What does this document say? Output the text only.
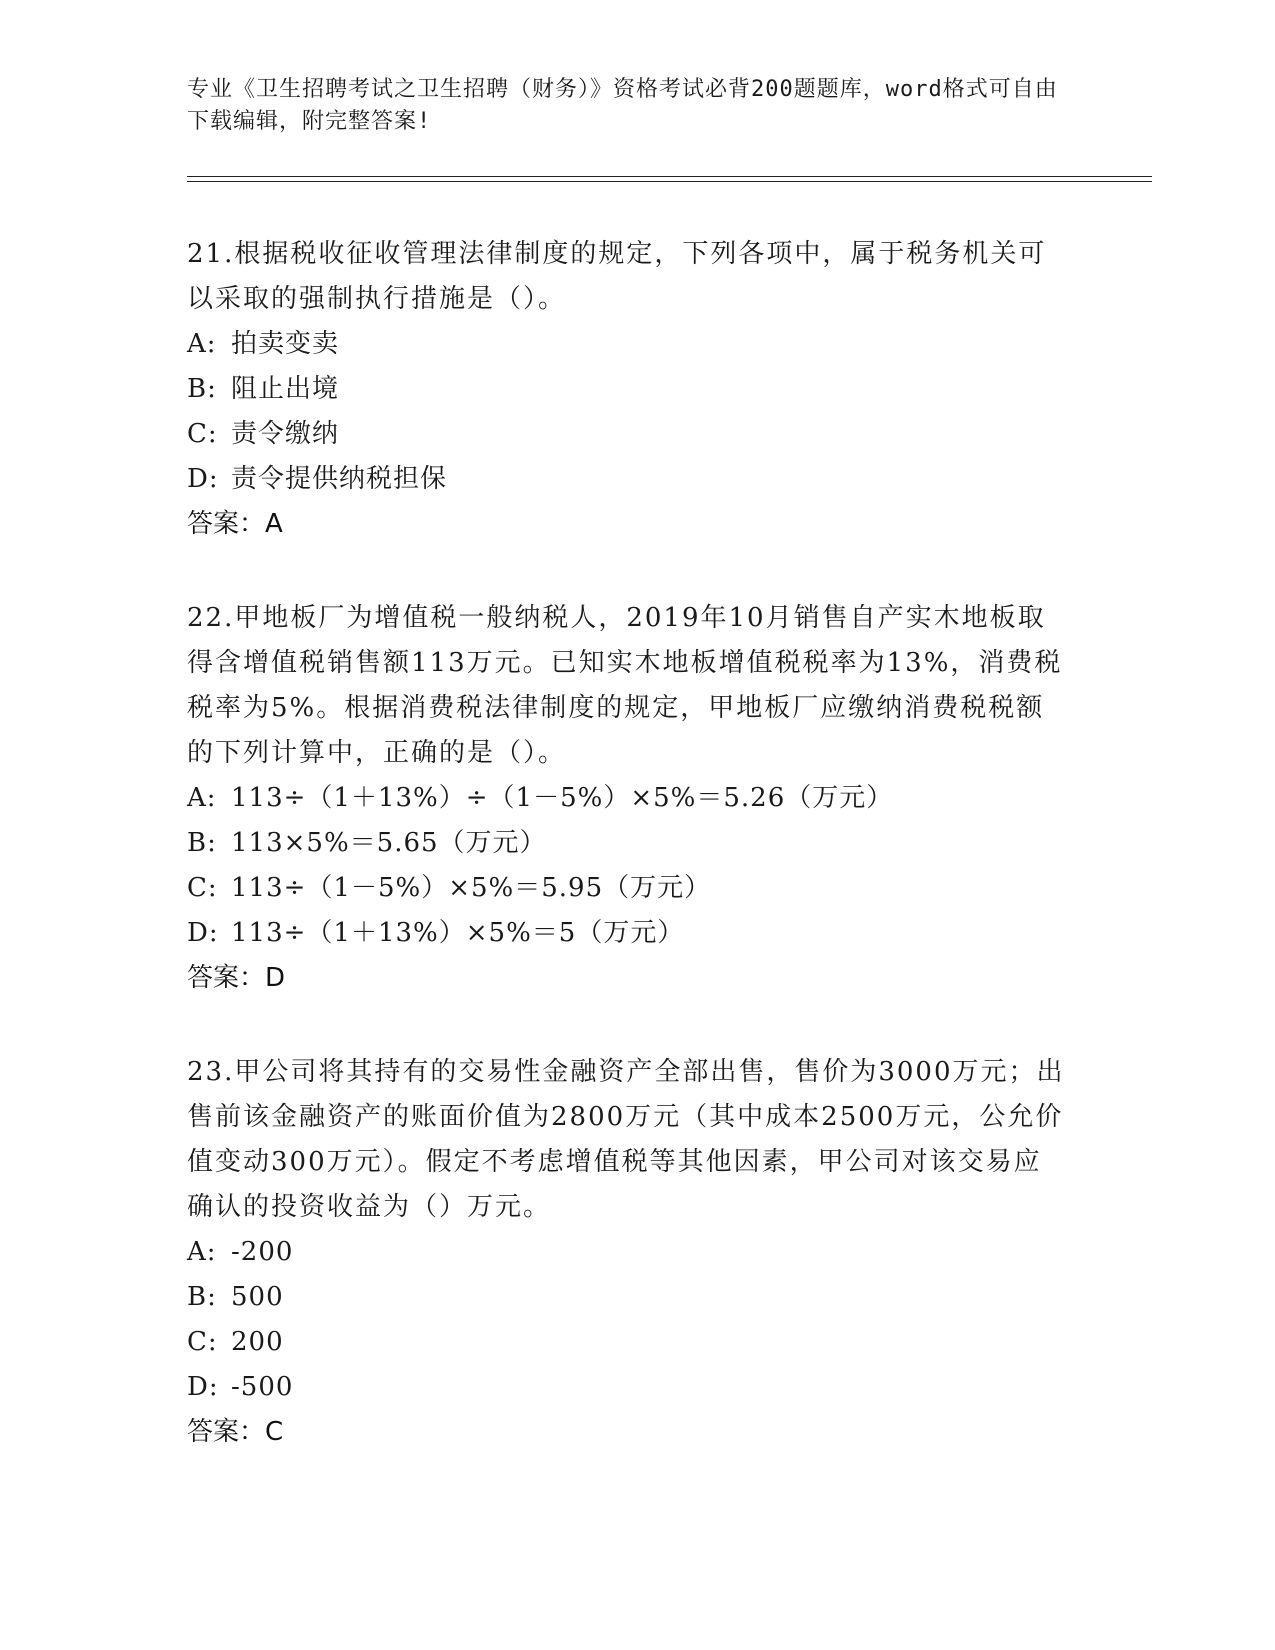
专业《卫生招聘考试之卫生招聘（财务）》资格考试必背200题题库，word格式可自由下载编辑，附完整答案!

21.根据税收征收管理法律制度的规定，下列各项中，属于税务机关可以采取的强制执行措施是（）。

A: 拍卖变卖

B: 阻止出境

C: 责令缴纳

D: 责令提供纳税担保

答案：A

22.甲地板厂为增值税一般纳税人，2019年10月销售自产实木地板取得含增值税销售额113万元。已知实木地板增值税税率为13%，消费税税率为5%。根据消费税法律制度的规定，甲地板厂应缴纳消费税税额的下列计算中，正确的是（）。

A: 113÷（1＋13%）÷（1－5%）×5%＝5.26（万元）

B: 113×5%＝5.65（万元）

C: 113÷（1－5%）×5%＝5.95（万元）

D: 113÷（1＋13%）×5%＝5（万元）

答案：D

23.甲公司将其持有的交易性金融资产全部出售，售价为3000万元；出售前该金融资产的账面价值为2800万元（其中成本2500万元，公允价值变动300万元）。假定不考虑增值税等其他因素，甲公司对该交易应确认的投资收益为（）万元。

A: -200

B: 500

C: 200

D: -500

答案：C
